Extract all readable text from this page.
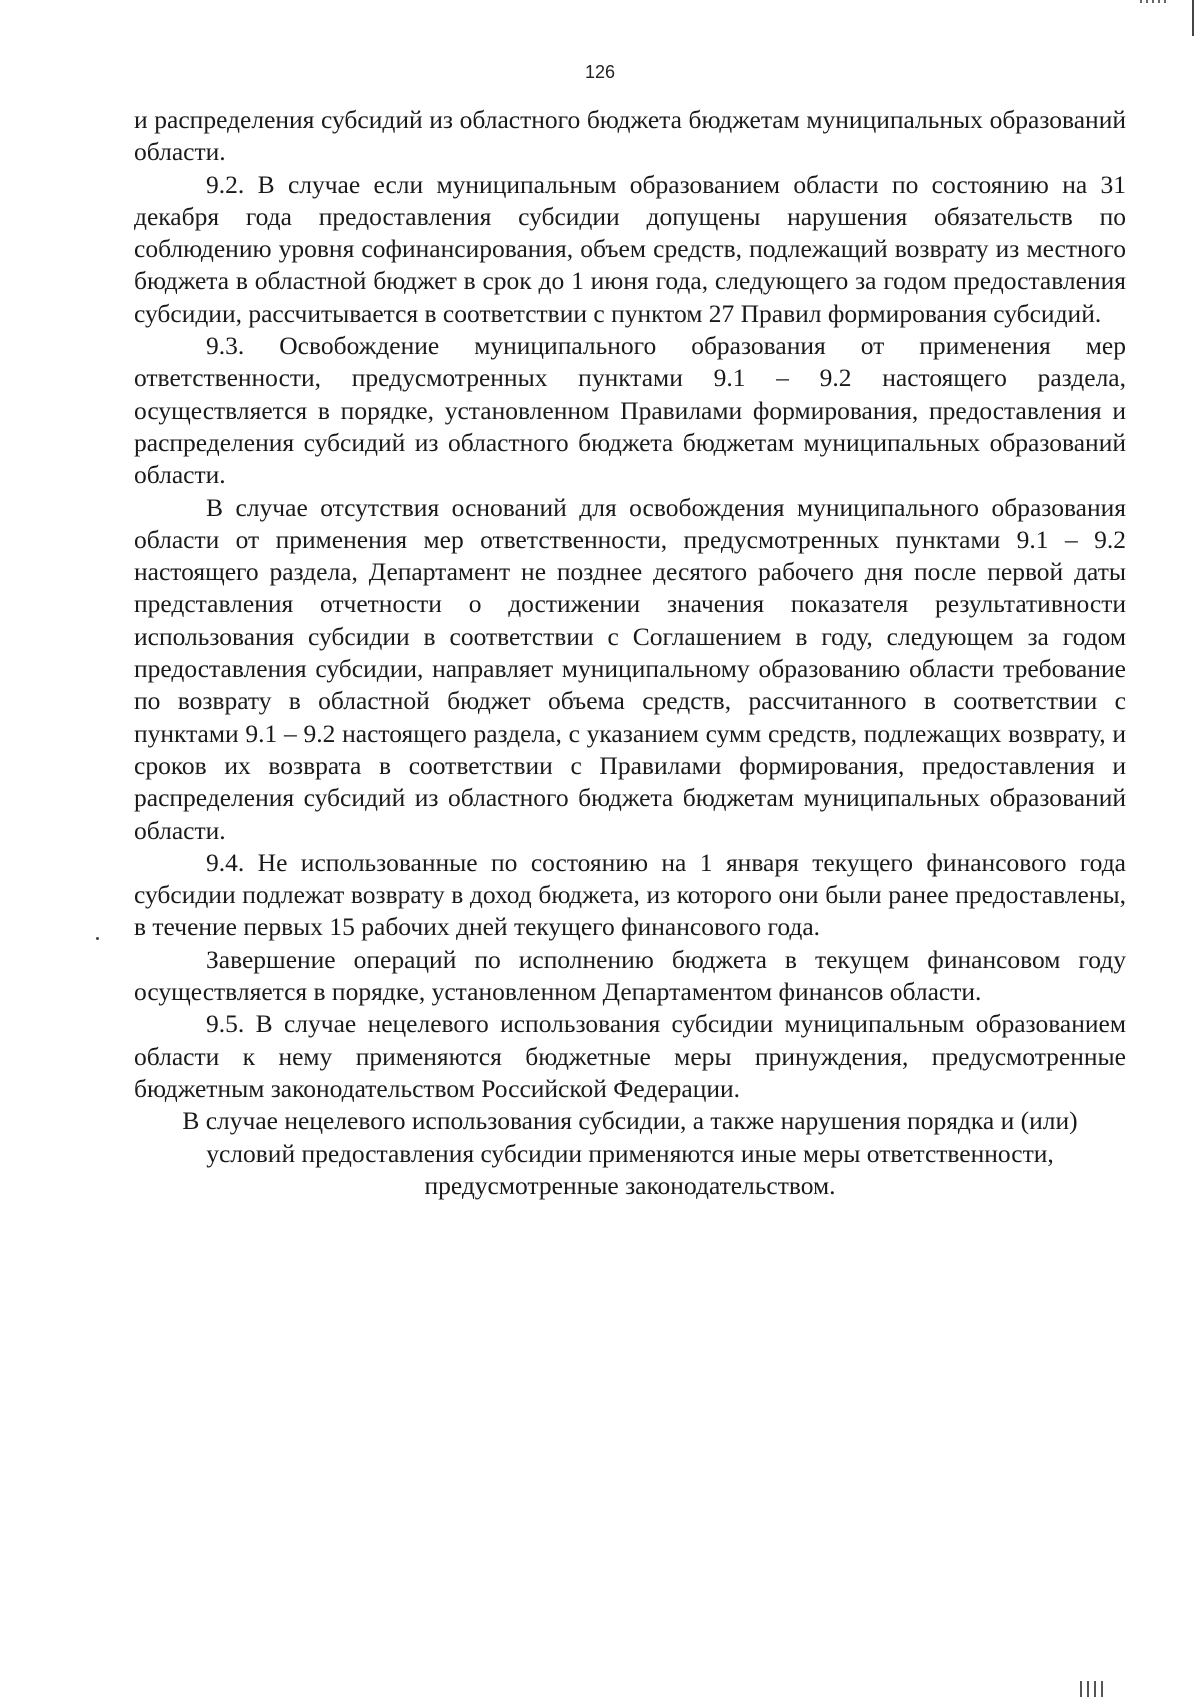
126

и распределения субсидий из областного бюджета бюджетам муниципальных образований области.

9.2. В случае если муниципальным образованием области по состоянию на 31 декабря года предоставления субсидии допущены нарушения обязательств по соблюдению уровня софинансирования, объем средств, подлежащий возврату из местного бюджета в областной бюджет в срок до 1 июня года, следующего за годом предоставления субсидии, рассчитывается в соответствии с пунктом 27 Правил формирования субсидий.

9.3. Освобождение муниципального образования от применения мер ответственности, предусмотренных пунктами 9.1 – 9.2 настоящего раздела, осуществляется в порядке, установленном Правилами формирования, предоставления и распределения субсидий из областного бюджета бюджетам муниципальных образований области.

В случае отсутствия оснований для освобождения муниципального образования области от применения мер ответственности, предусмотренных пунктами 9.1 – 9.2 настоящего раздела, Департамент не позднее десятого рабочего дня после первой даты представления отчетности о достижении значения показателя результативности использования субсидии в соответствии с Соглашением в году, следующем за годом предоставления субсидии, направляет муниципальному образованию области требование по возврату в областной бюджет объема средств, рассчитанного в соответствии с пунктами 9.1 – 9.2 настоящего раздела, с указанием сумм средств, подлежащих возврату, и сроков их возврата в соответствии с Правилами формирования, предоставления и распределения субсидий из областного бюджета бюджетам муниципальных образований области.

9.4. Не использованные по состоянию на 1 января текущего финансового года субсидии подлежат возврату в доход бюджета, из которого они были ранее предоставлены, в течение первых 15 рабочих дней текущего финансового года.

Завершение операций по исполнению бюджета в текущем финансовом году осуществляется в порядке, установленном Департаментом финансов области.

9.5. В случае нецелевого использования субсидии муниципальным образованием области к нему применяются бюджетные меры принуждения, предусмотренные бюджетным законодательством Российской Федерации.

В случае нецелевого использования субсидии, а также нарушения порядка и (или) условий предоставления субсидии применяются иные меры ответственности, предусмотренные законодательством.
